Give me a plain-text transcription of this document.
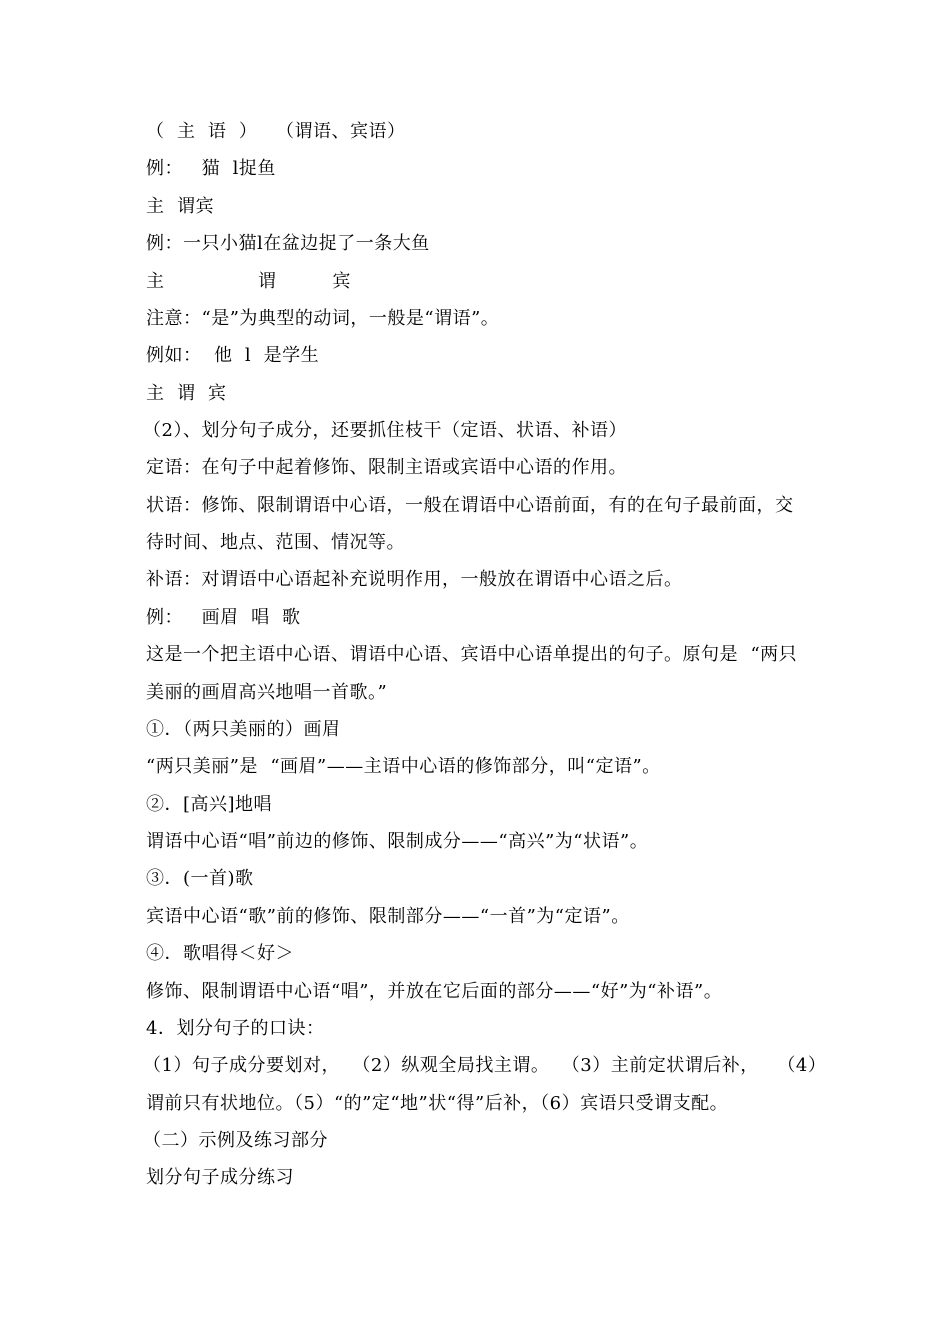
（  主  语  ）   （谓语、宾语）

例：   猫  l捉鱼

主  谓宾

例：一只小猫l在盆边捉了一条大鱼

主               谓         宾

注意：“是”为典型的动词，一般是“谓语”。

例如：  他  l  是学生

主  谓  宾

（2）、划分句子成分，还要抓住枝干（定语、状语、补语）

定语：在句子中起着修饰、限制主语或宾语中心语的作用。

状语：修饰、限制谓语中心语，一般在谓语中心语前面，有的在句子最前面，交

待时间、地点、范围、情况等。

补语：对谓语中心语起补充说明作用，一般放在谓语中心语之后。

例：   画眉  唱  歌

这是一个把主语中心语、谓语中心语、宾语中心语单提出的句子。原句是  “两只

美丽的画眉高兴地唱一首歌。”

①．（两只美丽的）画眉

“两只美丽”是  “画眉”——主语中心语的修饰部分，叫“定语”。

②．[高兴]地唱

谓语中心语“唱”前边的修饰、限制成分——“高兴”为“状语”。

③．(一首)歌

宾语中心语“歌”前的修饰、限制部分——“一首”为“定语”。

④．歌唱得＜好＞

修饰、限制谓语中心语“唱”，并放在它后面的部分——“好”为“补语”。

4．划分句子的口诀：

（1）句子成分要划对，  （2）纵观全局找主谓。  （3）主前定状谓后补，   （4）

谓前只有状地位。（5）“的”定“地”状“得”后补，（6）宾语只受谓支配。

（二）示例及练习部分

划分句子成分练习
